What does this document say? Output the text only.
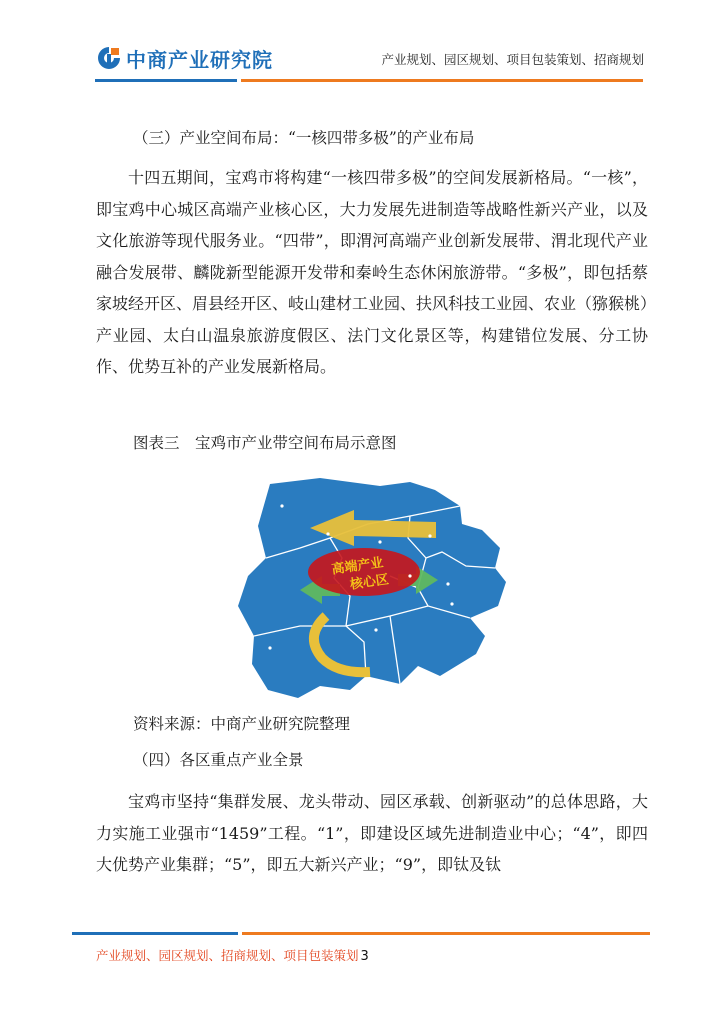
中商产业研究院	产业规划、园区规划、项目包装策划、招商规划

（三）产业空间布局：“一核四带多极”的产业布局

十四五期间，宝鸡市将构建“一核四带多极”的空间发展新格局。“一核”，即宝鸡中心城区高端产业核心区，大力发展先进制造等战略性新兴产业，以及文化旅游等现代服务业。“四带”，即渭河高端产业创新发展带、渭北现代产业融合发展带、麟陇新型能源开发带和秦岭生态休闲旅游带。“多极”，即包括蔡家坡经开区、眉县经开区、岐山建材工业园、扶风科技工业园、农业（猕猴桃）产业园、太白山温泉旅游度假区、法门文化景区等，构建错位发展、分工协作、优势互补的产业发展新格局。

图表三　宝鸡市产业带空间布局示意图

高端产业
核心区

资料来源：中商产业研究院整理

（四）各区重点产业全景

宝鸡市坚持“集群发展、龙头带动、园区承载、创新驱动”的总体思路，大力实施工业强市“1459”工程。“1”，即建设区域先进制造业中心；“4”，即四大优势产业集群；“5”，即五大新兴产业；“9”，即钛及钛

产业规划、园区规划、招商规划、项目包装策划 3
